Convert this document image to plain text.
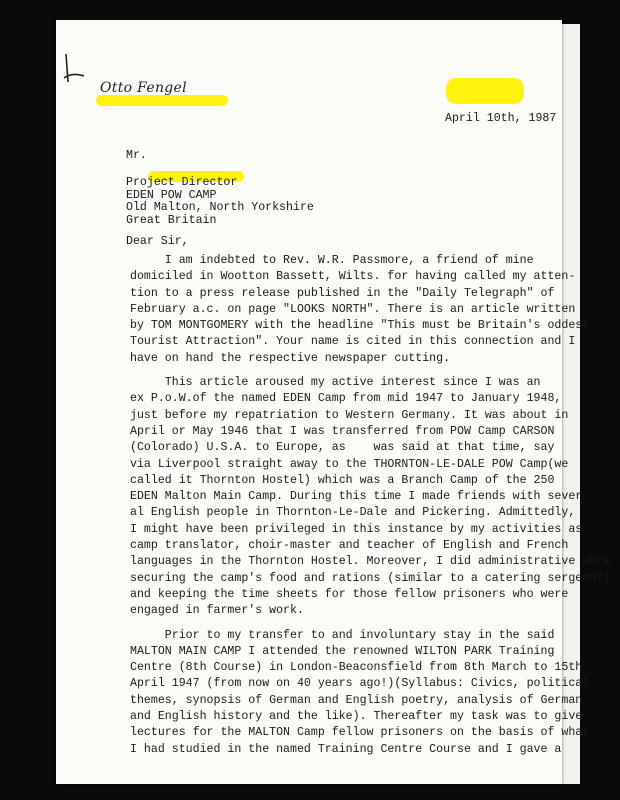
Otto Fengel
April 10th, 1987
Mr.
Project Director
EDEN POW CAMP
Old Malton, North Yorkshire
Great Britain
Dear Sir,
I am indebted to Rev. W.R. Passmore, a friend of mine
domiciled in Wootton Bassett, Wilts. for having called my atten-
tion to a press release published in the "Daily Telegraph" of
February a.c. on page "LOOKS NORTH". There is an article written
by TOM MONTGOMERY with the headline "This must be Britain's oddest
Tourist Attraction". Your name is cited in this connection and I
have on hand the respective newspaper cutting.
This article aroused my active interest since I was an
ex P.o.W.of the named EDEN Camp from mid 1947 to January 1948,
just before my repatriation to Western Germany. It was about in
April or May 1946 that I was transferred from POW Camp CARSON
(Colorado) U.S.A. to Europe, as    was said at that time, say
via Liverpool straight away to the THORNTON-LE-DALE POW Camp(we
called it Thornton Hostel) which was a Branch Camp of the 250
EDEN Malton Main Camp. During this time I made friends with sever-
al English people in Thornton-Le-Dale and Pickering. Admittedly,
I might have been privileged in this instance by my activities as
camp translator, choir-master and teacher of English and French
languages in the Thornton Hostel. Moreover, I did administrative work
securing the camp's food and rations (similar to a catering sergeant)
and keeping the time sheets for those fellow prisoners who were
engaged in farmer's work.
Prior to my transfer to and involuntary stay in the said
MALTON MAIN CAMP I attended the renowned WILTON PARK Training
Centre (8th Course) in London-Beaconsfield from 8th March to 15th
April 1947 (from now on 40 years ago!)(Syllabus: Civics, political
themes, synopsis of German and English poetry, analysis of German
and English history and the like). Thereafter my task was to give
lectures for the MALTON Camp fellow prisoners on the basis of what
I had studied in the named Training Centre Course and I gave a
